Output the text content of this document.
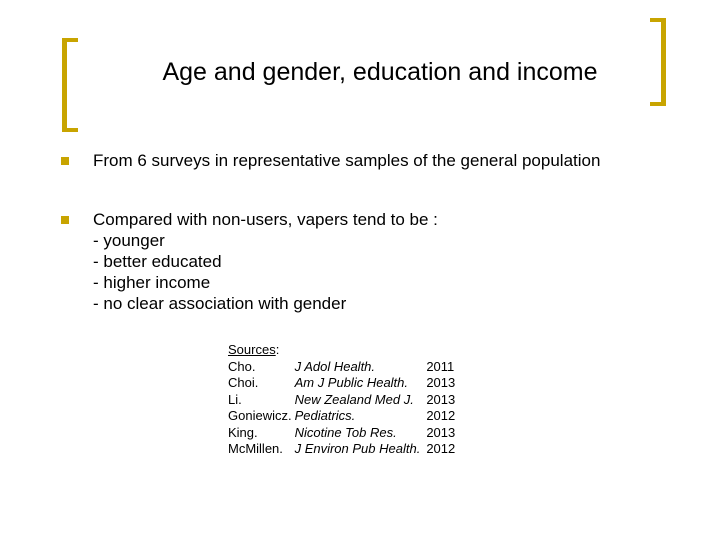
Age and gender, education and income
From 6 surveys in representative samples of the general population
Compared with non-users, vapers tend to be :
- younger
- better educated
- higher income
- no clear association with gender
Sources:
Cho.	J Adol Health.	2011
Choi.	Am J Public Health.	2013
Li.	New Zealand Med J.	2013
Goniewicz.	Pediatrics.	2012
King.	Nicotine Tob Res.	2013
McMillen.	J Environ Pub Health.	2012
